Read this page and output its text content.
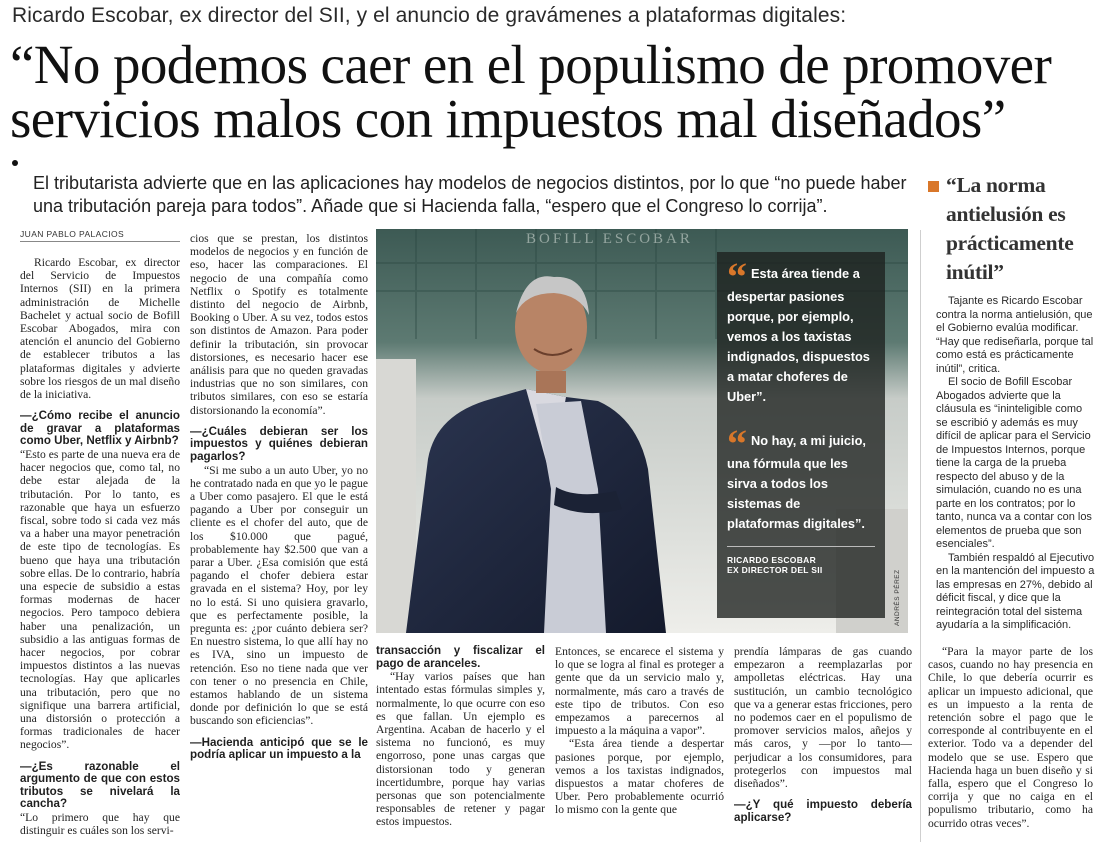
Ricardo Escobar, ex director del SII, y el anuncio de gravámenes a plataformas digitales:
“No podemos caer en el populismo de promover servicios malos con impuestos mal diseñados”
El tributarista advierte que en las aplicaciones hay modelos de negocios distintos, por lo que “no puede haber una tributación pareja para todos”. Añade que si Hacienda falla, “espero que el Congreso lo corrija”.
JUAN PABLO PALACIOS

Ricardo Escobar, ex director del Servicio de Impuestos Internos (SII) en la primera administración de Michelle Bachelet y actual socio de Bofill Escobar Abogados, mira con atención el anuncio del Gobierno de establecer tributos a las plataformas digitales y advierte sobre los riesgos de un mal diseño de la iniciativa.

—¿Cómo recibe el anuncio de gravar a plataformas como Uber, Netflix y Airbnb?

“Esto es parte de una nueva era de hacer negocios que, como tal, no debe estar alejada de la tributación. Por lo tanto, es razonable que haya un esfuerzo fiscal, sobre todo si cada vez más va a haber una mayor penetración de este tipo de tecnologías. Es bueno que haya una tributación sobre ellas. De lo contrario, habría una especie de subsidio a estas formas modernas de hacer negocios. Pero tampoco debiera haber una penalización, un subsidio a las antiguas formas de hacer negocios, por cobrar impuestos distintos a las nuevas tecnologías. Hay que aplicarles una tributación, pero que no signifique una barrera artificial, una distorsión o protección a formas tradicionales de hacer negocios”.

—¿Es razonable el argumento de que con estos tributos se nivelará la cancha?

“Lo primero que hay que distinguir es cuáles son los servi-

cios que se prestan, los distintos modelos de negocios y en función de eso, hacer las comparaciones. El negocio de una compañía como Netflix o Spotify es totalmente distinto del negocio de Airbnb, Booking o Uber. A su vez, todos estos son distintos de Amazon. Para poder definir la tributación, sin provocar distorsiones, es necesario hacer ese análisis para que no queden gravadas industrias que no son similares, con tributos similares, con eso se estaría distorsionando la economía”.

—¿Cuáles debieran ser los impuestos y quiénes debieran pagarlos?

“Si me subo a un auto Uber, yo no he contratado nada en que yo le pague a Uber como pasajero. El que le está pagando a Uber por conseguir un cliente es el chofer del auto, que de los $10.000 que pagué, probablemente hay $2.500 que van a parar a Uber. ¿Esa comisión que está pagando el chofer debiera estar gravada en el sistema? Hoy, por ley no lo está. Si uno quisiera gravarlo, que es perfectamente posible, la pregunta es: ¿por cuánto debiera ser? En nuestro sistema, lo que allí hay no es IVA, sino un impuesto de retención. Eso no tiene nada que ver con tener o no presencia en Chile, estamos hablando de un sistema donde por definición lo que se está buscando son eficiencias”.

—Hacienda anticipó que se le podría aplicar un impuesto a la

transacción y fiscalizar el pago de aranceles.

“Hay varios países que han intentado estas fórmulas simples y, normalmente, lo que ocurre con eso es que fallan. Un ejemplo es Argentina. Acaban de hacerlo y el sistema no funcionó, es muy engorroso, pone unas cargas que distorsionan todo y generan incertidumbre, porque hay varias personas que son potencialmente responsables de retener y pagar estos impuestos.

Entonces, se encarece el sistema y lo que se logra al final es proteger a gente que da un servicio malo y, normalmente, más caro a través de este tipo de tributos. Con eso empezamos a parecernos al impuesto a la máquina a vapor”.

“Esta área tiende a despertar pasiones porque, por ejemplo, vemos a los taxistas indignados, dispuestos a matar choferes de Uber. Pero probablemente ocurrió lo mismo con la gente que

prendía lámparas de gas cuando empezaron a reemplazarlas por ampolletas eléctricas. Hay una sustitución, un cambio tecnológico que va a generar estas fricciones, pero no podemos caer en el populismo de promover servicios malos, añejos y más caros, y —por lo tanto— perjudicar a los consumidores, para protegerlos con impuestos mal diseñados”.

—¿Y qué impuesto debería aplicarse?

“Para la mayor parte de los casos, cuando no hay presencia en Chile, lo que debería ocurrir es aplicar un impuesto adicional, que es un impuesto a la renta de retención sobre el pago que le corresponde al contribuyente en el exterior. Todo va a depender del modelo que se use. Espero que Hacienda haga un buen diseño y si falla, espero que el Congreso lo corrija y que no caiga en el populismo tributario, como ha ocurrido otras veces”.

BOFILL ESCOBAR

“ Esta área tiende a despertar pasiones porque, por ejemplo, vemos a los taxistas indignados, dispuestos a matar choferes de Uber”.

“ No hay, a mi juicio, una fórmula que les sirva a todos los sistemas de plataformas digitales”.

RICARDO ESCOBAR
EX DIRECTOR DEL SII	ANDRÉS PÉREZ
“La norma antielusión es prácticamente inútil”

Tajante es Ricardo Escobar contra la norma antielusión, que el Gobierno evalúa modificar. “Hay que rediseñarla, porque tal como está es prácticamente inútil”, critica.

El socio de Bofill Escobar Abogados advierte que la cláusula es “ininteligible como se escribió y además es muy difícil de aplicar para el Servicio de Impuestos Internos, porque tiene la carga de la prueba respecto del abuso y de la simulación, cuando no es una parte en los contratos; por lo tanto, nunca va a contar con los elementos de prueba que son esenciales”.

También respaldó al Ejecutivo en la mantención del impuesto a las empresas en 27%, debido al déficit fiscal, y dice que la reintegración total del sistema ayudaría a la simplificación.
